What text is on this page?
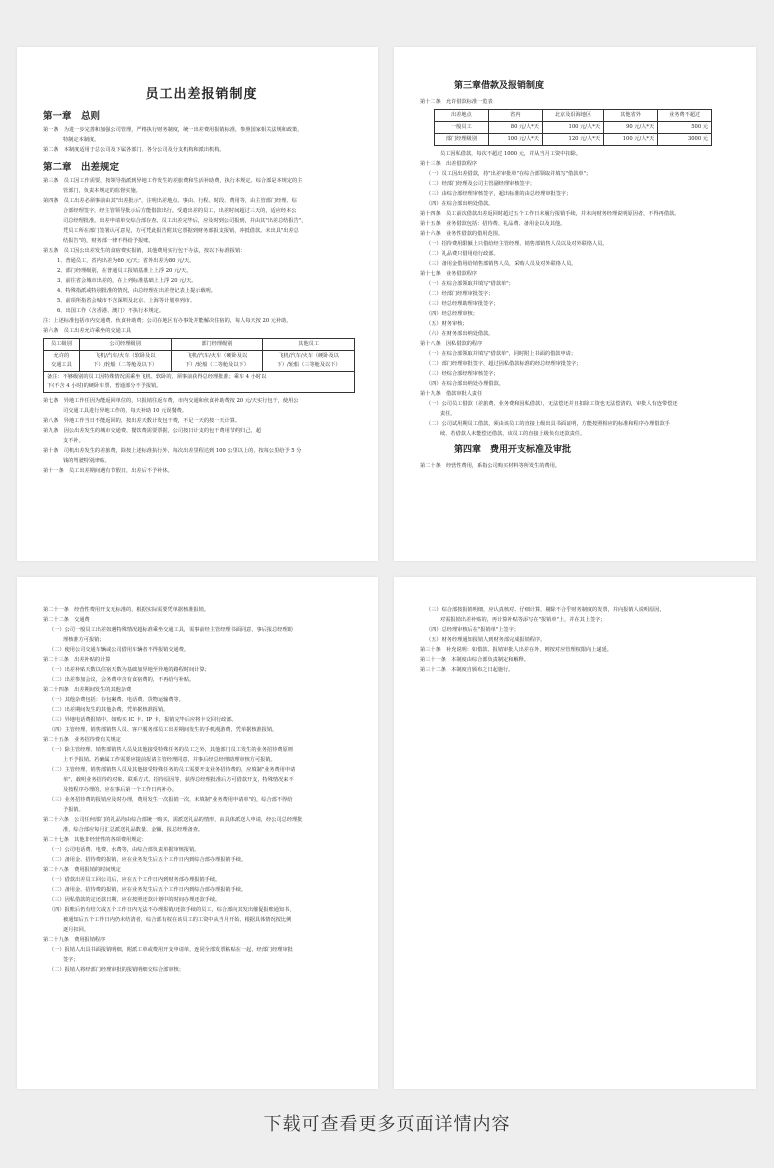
员工出差报销制度
第一章　总则
第一条　为进一步完善和加强公司管理，严格执行财务制度，统一出差费用报销标准，参照国家相关法规和政策，
特制定本制度。
第二条　本制度适用于总公司及下属各部门、各分公司及分支机构和派出机构。
第二章　出差规定
第三条　员工因工作需要，按领导指派到异地工作发生的差旅费和生活补助费，执行本规定。综合部是本规定的主
管部门，负责本规定的监督实施。
第四条　员工出差必须事前由其"出差批示"，注明出差地点、事由、行程、时段、费用等，由主管部门经理、综
合部经理签字，经主管领导批示后方能借款出行。受遣出差的员工，出差时间超过三天的，适应经本公
司总经理批准。出差申请单交综合部存查。员工出差完毕后，应及时到公司报到，并由其"出差总结报告"，
凭员工所在部门签署认可意见，方可凭此报告附其它票据到财务部报支报销，冲抵借款。未出具"出差总
结报告"的，财务部一律不得给予报账。
第五条　员工因公出差发生的食宿费实报销，其他费用实行包干办法，按以下标准报销：
1、普通员工，省内出差为60 元/天；省外出差为80 元/天。
2、部门经理级别，在普通员工报销基准上上浮 20 元/天。
3、前往省会城市出差的，在上列标准基础上上浮 20 元/天。
4、特殊指派或特别批准的情况，由总经理在出差登记表上提示载明。
5、前项所指省会城市不含深圳及北京、上海等计划单列市。
6、出国工作（含香港、澳门）不执行本规定。
注：上述标准包括市内交通费、伙食补助费；公司在地区有办事处并能解决住宿的，每人每天按 20 元补助。
第六条　员工出差允许乘坐的交通工具
员工级别	公司经理级别	部门经理级别	其他员工
允许的
交通工具	飞机/汽车/火车（软卧及以
下）/轮船（二等舱及以下）	飞机/汽车/火车（硬卧及以
下）/轮船（二等舱及以下）	飞机/汽车/火车（硬卧及以
下）/轮船（三等舱及以下）
备注：不够级别的员工因特殊情况需乘坐飞机、软卧的，须事前获得总经理批准；乘车 4 小时以
下(不含 4 小时)的硬卧车票，普通部分不予报销。			
第七条　异地工作任因为能返回单位的，只报销往返车费，市内交通和伙食补助费按 20 元/天实行包干，使用公
司交通工具进行异地工作的，每天补助 10 元误餐费。
第八条　异地工作当日不能返回的，按出差天数计发包干费，不足一天的按一天计算。
第九条　因公出差发生的城市交通费、餐饮费需要票据，公司按日计支的包干费用节约归己，超
支不补。
第十条　司机出差发生的差旅费，除按上述标准执行外，每次出差里程达到 100 公里以上的，按每公里给予 5 分
钱的驾驶特别津贴。
第十一条　员工出差期间遇有节假日，出差后不予补休。
第三章借款及报销制度
第十二条　允许借款标准一览表
出差地点	省内	北京及沿海地区	其他省外	业务费不超过
一般员工	80 元/人*天	100 元/人*天	90 元/人*天	500 元
部门经理级别	100 元/人*天	120 元/人*天	100 元/人*天	3000 元
员工因私借款，每次不超过 1000 元，并从当月工资中扣除。
第十三条　出差借款程序
（一）员工因出差借款，持"出差审批单"在综合部领取并填写"借款单"；
（二）经部门经理及公司主管副经理审核签字；
（三）由综合部经理审核签字，超出标准的由总经理审批签字；
（四）在综合部出纳处借款。
第十四条　员工前次借款出差返回时超过五个工作日未履行报销手续，并未向财务经理说明原因者，不得再借款。
第十五条　业务借款包括：招待费、礼品费、备用金以及其他。
第十六条　业务性借款的借用范围。
（一）招待费用限额上只借给经主管经理、销售部销售人员以及对外联络人员。
（二）礼品费只借用给行政部。
（三）备用金借用给销售部销售人员，采购人员及对外联络人员。
第十七条　业务借款程序
（一）在综合部领取并填写"借款单"；
（二）经部门经理审批签字；
（三）经总经理助理审批签字；
（四）经总经理审核；
（五）财务审核；
（六）在财务部出纳处借款。
第十八条　因私借款的程序
（一）在综合部领取并填写"借款单"，同时附上书面的借款申请；
（二）部门经理审批签字，超过因私借款标准的经总经理审批签字；
（三）经综合部经理审核签字；
（四）在综合部出纳处办理借款。
第十九条　借款审批人责任
（一）公司员工借款（差旅费、业务费和因私借款），无法偿还并且扣除工资也无法偿清的，审批人有连带偿还
责任。
（二）公司试用期员工借款，须由该员工的直接上级出具书面证明，方能按照相应的标准和程序办理借款手
续，若借款人未能偿还借款，该员工的直接上级负有还款责任。
第四章　费用开支标准及审批
第二十条　经营性费用，系指公司购买材料等所发生的费用。
第二十一条　经营性费用开支无标准的，根据实际需要凭单据核准报销。
第二十二条　交通费
（一）公司一般员工出差如遇特殊情况超标准乘坐交通工具，需事前经主管经理书面同意，事后报总经理助
理核准方可报销；
（二）使用公司交通车辆或公司借用车辆者不得报销交通费。
第二十三条　出差补贴的计算
（一）出差补贴天数以住宿天数为基础加异地至异地的路程时间计算；
（二）出差参加会议，会务费中含有食宿费的，不再给与补贴。
第二十四条　出差期间发生的其他杂费
（一）其他杂费包括：存包裹费、电话费、货物运输费等。
（二）出差期间发生的其他杂费，凭单据核准报销。
（三）异地电话费报销中，如购买 IC 卡、IP 卡，报销完毕后应将卡交回行政部。
（四）主管经理、销售部销售人员、客户服务部员工出差期间发生的手机漫游费，凭单据核准报销。
第二十五条　业务招待费有关规定
（一）除主管经理、销售部销售人员及其他接受特殊任务的员工之外，其他部门员工发生的业务招待费原则
上不予报销。若确属工作需要应提前报请主管经理同意，并事后经总经理助理审核方可报销。
（二）主管经理、销售部销售人员及其他接受特殊任务的员工需要开支业务招待费的，应填制"业务费用申请
单"，载明业务招待的对象、联系方式、招待原因等，获得总经理批准后方可借款开支，特殊情况来不
及按程序办理的，应在事后第一个工作日内补办。
（三）业务招待费的报销应及时办理，费用发生一次报销一次，未填制"业务费用申请单"的，综合部不得给
予报销。
第二十六条　公司任何部门的礼品均由综合部统一购买，需派送礼品的情形，由具体派送人申请，经公司总经理批
准，综合部应每月汇总派送礼品数量、金额，报总经理备查。
第二十七条　其他非经营性的各项费用规定：
（一）公司电话费、电费、水费等，由综合部负责单据审核报销。
（二）备用金、招待费的报销，应在业务发生后五个工作日内到综合部办理报销手续。
第二十八条　费用报销的时间规定
（一）借款出差员工回公司后，应在五个工作日内到财务部办理报销手续。
（二）备用金、招待费的报销，应在业务发生后五个工作日内到综合部办理报销手续。
（三）因私借款的定还款日期，应在按照还款计划中的时间办理还款手续。
（四）报账后仍有结欠或五个工作日内无法不办理报销/还款手续的员工，综合部向其发出催促报账通知书，
被通知后五个工作日内仍未结清者，综合部有权在该员工的工资中从当月开始，根据具体情况按比例
逐月扣回。
第二十九条　费用报销程序
（一）报销人出具书面报销明细，附派工单或费用开支申请单，连同全部发票粘贴在一起，经部门经理审批
签字；
（二）报销人将经部门经理审批的报销明细交综合部审核；
（三）综合部按报销明细，应认真核对、仔细计算，剔除不合乎财务制度的发票，并向报销人说明原因，
对需报销出差补贴的，再计算补贴等添写在"报销单"上，并在其上签字；
（四）总经理审核后在"报销单"上签字；
（五）财务经理通知报销人到财务部完成报销程序。
第三十条　补充说明：如借款、报销审批人出差在外，则按对应管理权限向上递延。
第三十一条　本制度由综合部负责制定和解释。
第三十二条　本制度自颁布之日起施行。
下载可查看更多页面详情内容
